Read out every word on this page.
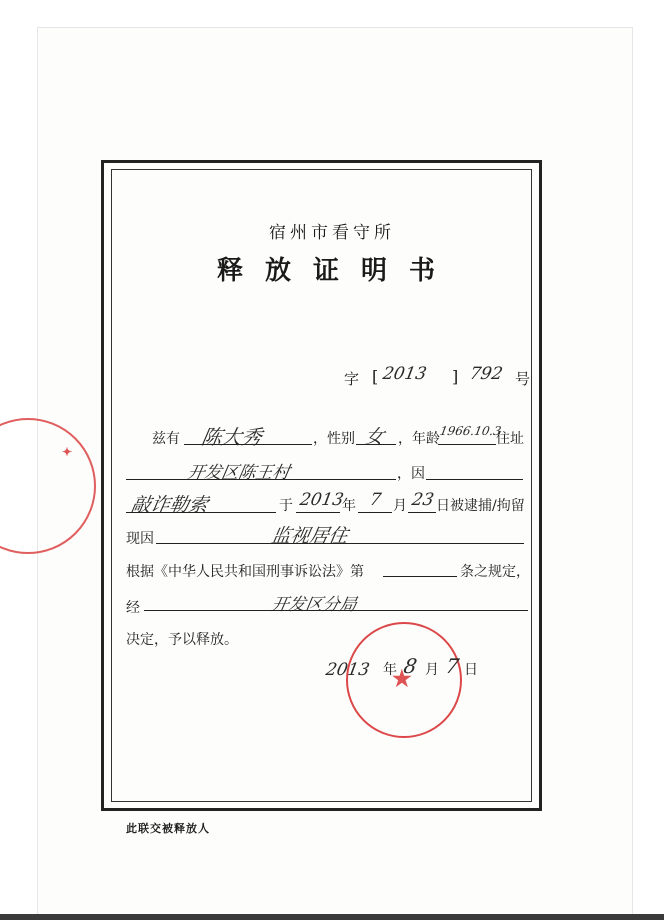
✦
宿州市看守所
释放证明书
字 [ 2013 ] 792 号
兹有 陈大秀	，性别 女 ，年龄
1966.10.3
住址
开发区陈王村	，因
敲诈勒索	于 2013
年 7 月 23 日被逮捕/拘留
现因	监视居住
根据《中华人民共和国刑事诉讼法》第	条之规定，
经	开发区分局
决定，予以释放。
★
2013 年 8 月 7 日
此联交被释放人
